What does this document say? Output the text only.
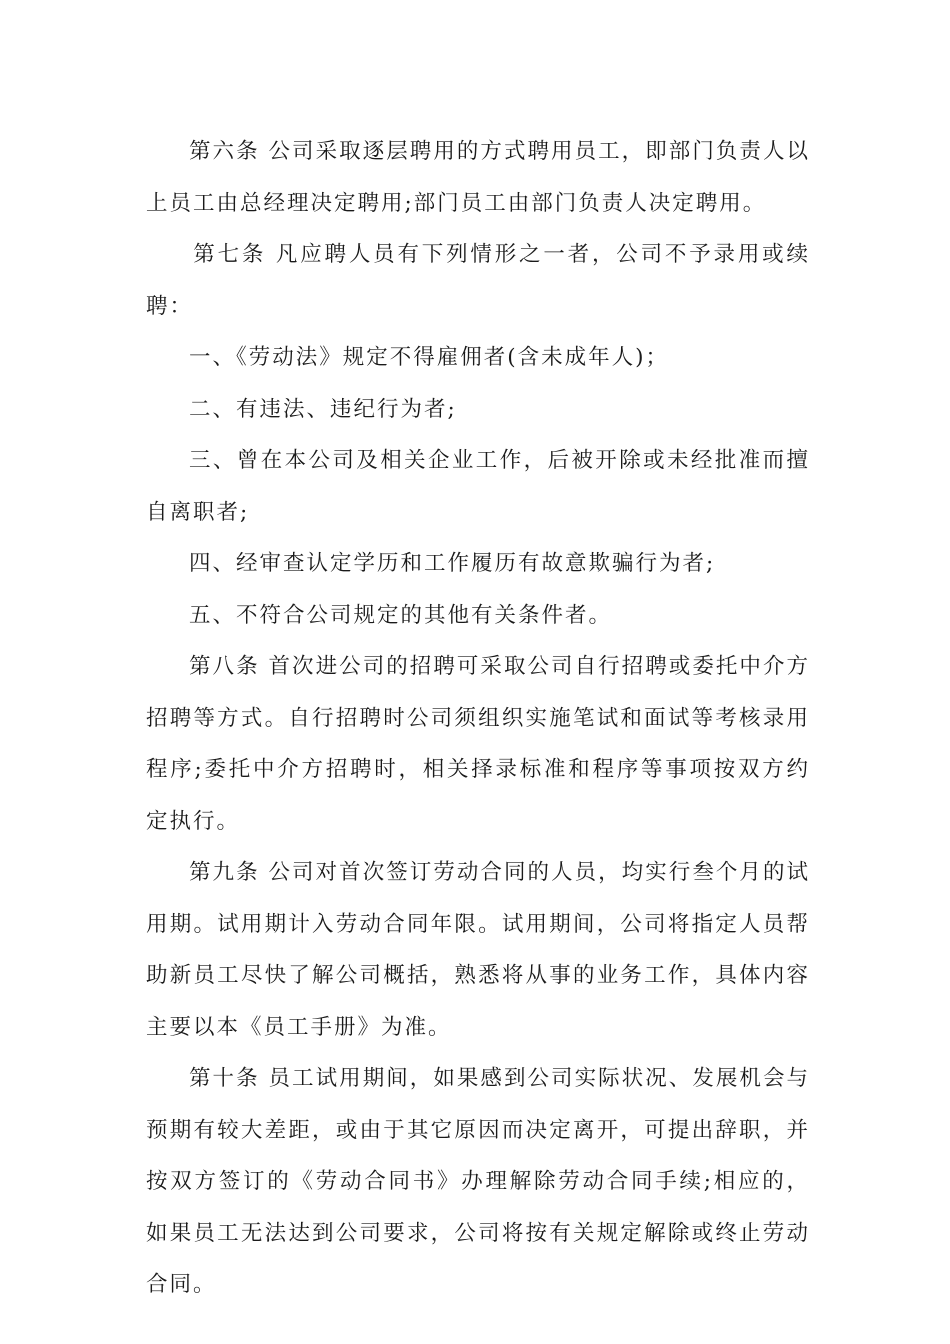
第六条 公司采取逐层聘用的方式聘用员工，即部门负责人以上员工由总经理决定聘用;部门员工由部门负责人决定聘用。

第七条 凡应聘人员有下列情形之一者，公司不予录用或续聘：

一、《劳动法》规定不得雇佣者(含未成年人)；

二、有违法、违纪行为者;

三、曾在本公司及相关企业工作，后被开除或未经批准而擅自离职者;

四、经审查认定学历和工作履历有故意欺骗行为者;

五、不符合公司规定的其他有关条件者。

第八条 首次进公司的招聘可采取公司自行招聘或委托中介方招聘等方式。自行招聘时公司须组织实施笔试和面试等考核录用程序;委托中介方招聘时，相关择录标准和程序等事项按双方约定执行。

第九条 公司对首次签订劳动合同的人员，均实行叁个月的试用期。试用期计入劳动合同年限。试用期间，公司将指定人员帮助新员工尽快了解公司概括，熟悉将从事的业务工作，具体内容主要以本《员工手册》为准。

第十条 员工试用期间，如果感到公司实际状况、发展机会与预期有较大差距，或由于其它原因而决定离开，可提出辞职，并按双方签订的《劳动合同书》办理解除劳动合同手续;相应的，如果员工无法达到公司要求，公司将按有关规定解除或终止劳动合同。
